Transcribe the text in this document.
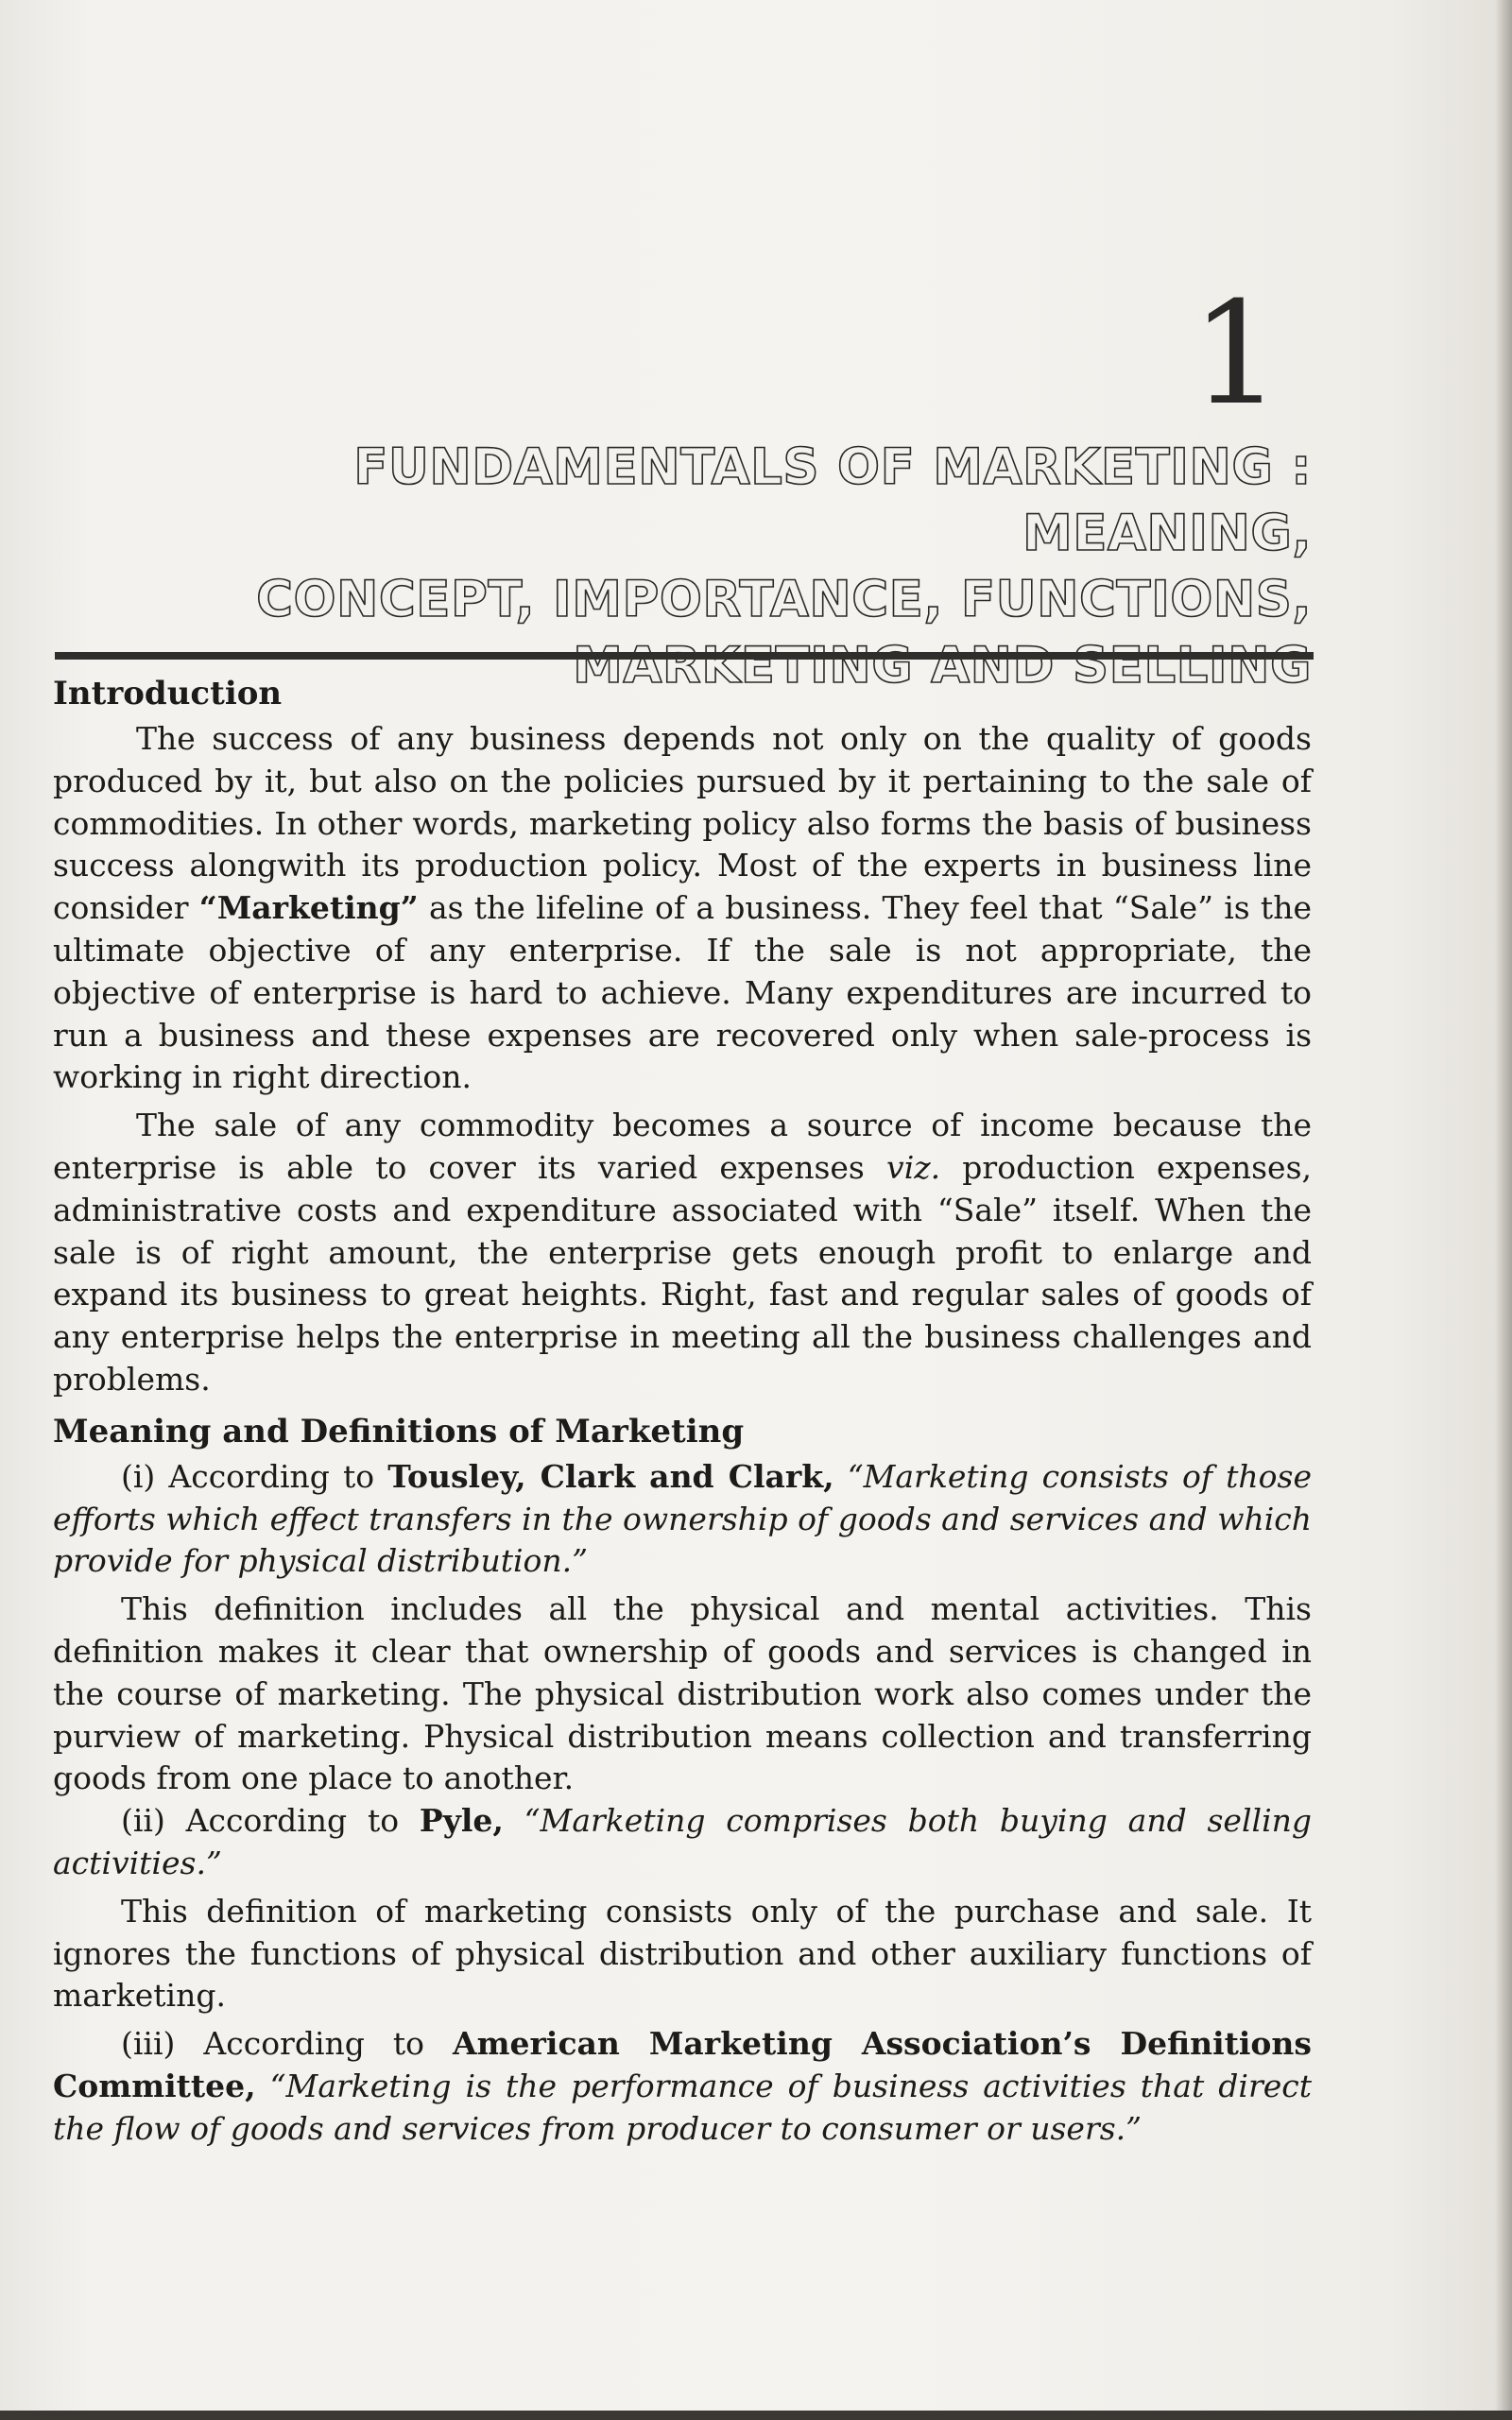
1
FUNDAMENTALS OF MARKETING : MEANING,
CONCEPT, IMPORTANCE, FUNCTIONS,
MARKETING AND SELLING
Introduction

The success of any business depends not only on the quality of goods produced by it, but also on the policies pursued by it pertaining to the sale of commodities. In other words, marketing policy also forms the basis of business success alongwith its production policy. Most of the experts in business line consider “Marketing” as the lifeline of a business. They feel that “Sale” is the ultimate objective of any enterprise. If the sale is not appropriate, the objective of enterprise is hard to achieve. Many expenditures are incurred to run a business and these expenses are recovered only when sale-process is working in right direction.

The sale of any commodity becomes a source of income because the enterprise is able to cover its varied expenses viz. production expenses, administrative costs and expenditure associated with “Sale” itself. When the sale is of right amount, the enterprise gets enough profit to enlarge and expand its business to great heights. Right, fast and regular sales of goods of any enterprise helps the enterprise in meeting all the business challenges and problems.

Meaning and Definitions of Marketing

(i) According to Tousley, Clark and Clark, “Marketing consists of those efforts which effect transfers in the ownership of goods and services and which provide for physical distribution.”

This definition includes all the physical and mental activities. This definition makes it clear that ownership of goods and services is changed in the course of marketing. The physical distribution work also comes under the purview of marketing. Physical distribution means collection and transferring goods from one place to another.

(ii) According to Pyle, “Marketing comprises both buying and selling activities.”

This definition of marketing consists only of the purchase and sale. It ignores the functions of physical distribution and other auxiliary functions of marketing.

(iii) According to American Marketing Association’s Definitions Committee, “Marketing is the performance of business activities that direct the flow of goods and services from producer to consumer or users.”
